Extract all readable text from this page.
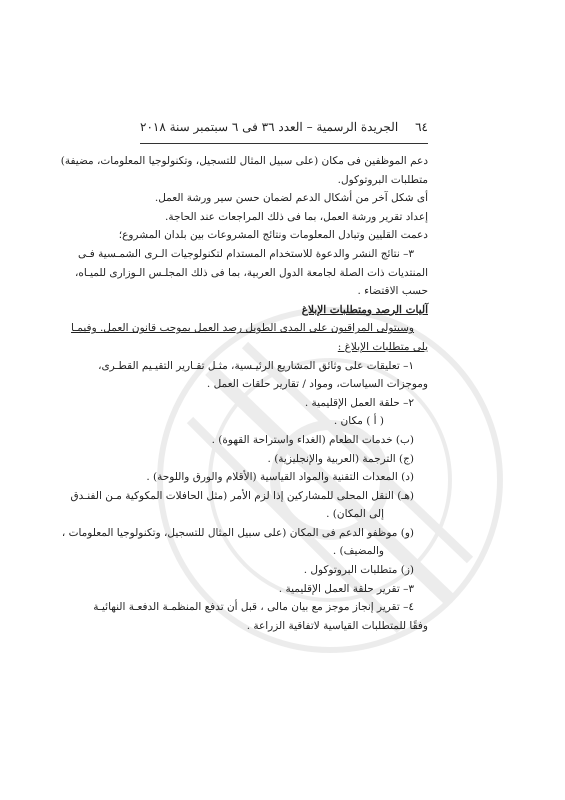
٦٤
الجريدة الرسمية – العدد ٣٦ فى ٦ سبتمبر سنة ٢٠١٨
دعم الموظفين فى مكان (على سبيل المثال للتسجيل، وتكنولوجيا المعلومات، مضيفة)
متطلبات البروتوكول.
أى شكل آخر من أشكال الدعم لضمان حسن سير ورشة العمل.
إعداد تقرير ورشة العمل، بما فى ذلك المراجعات عند الحاجة.
دعمت القليين وتبادل المعلومات ونتائج المشروعات بين بلدان المشروع؛
٣– نتائج النشر والدعوة للاستخدام المستدام لتكنولوجيات الـرى الشمـسية فـى
المنتديات ذات الصلة لجامعة الدول العربية، بما فى ذلك المجلـس الـوزارى للميـاه،
حسب الاقتضاء .
آليات الرصد ومتطلبات الإبلاغ
وسيتولى المراقبون على المدى الطويل رصد العمل بموجب قانون العمل. وفيمـا
يلى متطلبات الإبلاغ :
١– تعليقات على وثائق المشاريع الرئيـسية، مثـل تقـارير التقيـيم القطـرى،
وموجزات السياسات، ومواد / تقارير حلقات العمل .
٢– حلقة العمل الإقليمية .
( أ ) مكان .
(ب) خدمات الطعام (الغداء واستراحة القهوة) .
(ج) الترجمة (العربية والإنجليزية) .
(د) المعدات التقنية والمواد القياسية (الأقلام والورق واللوحة) .
(هـ) النقل المحلى للمشاركين إذا لزم الأمر (مثل الحافلات المكوكية مـن الفنـدق
إلى المكان) .
(و) موظفو الدعم فى المكان (على سبيل المثال للتسجيل، وتكنولوجيا المعلومات ،
والمضيف) .
(ز) متطلبات البروتوكول .
٣– تقرير حلقة العمل الإقليمية .
٤– تقرير إنجاز موجز مع بيان مالى ، قبل أن تدفع المنظمـة الدفعـة النهائيـة
وفقًا للمتطلبات القياسية لاتفاقية الزراعة .
